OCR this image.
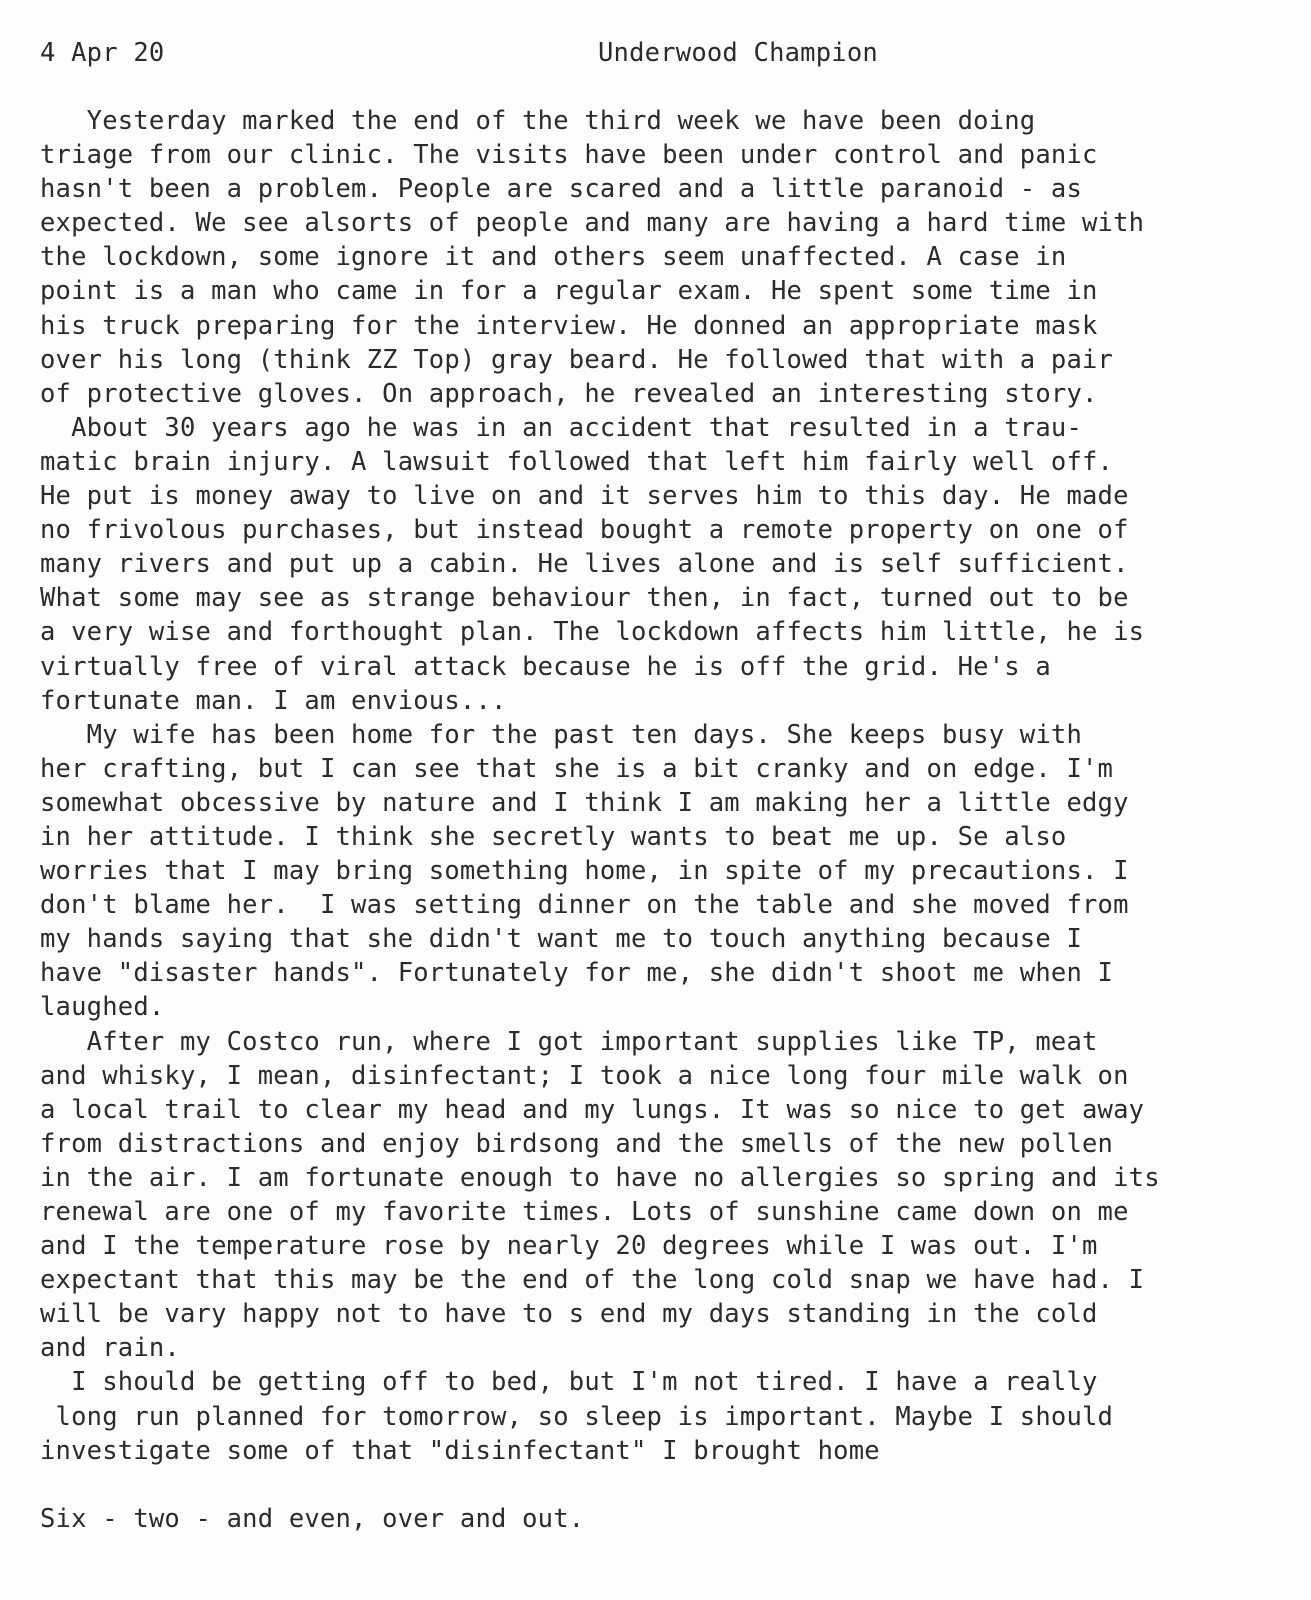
4 Apr 20	Underwood Champion
Yesterday marked the end of the third week we have been doing
triage from our clinic. The visits have been under control and panic
hasn't been a problem. People are scared and a little paranoid - as
expected. We see alsorts of people and many are having a hard time with
the lockdown, some ignore it and others seem unaffected. A case in
point is a man who came in for a regular exam. He spent some time in
his truck preparing for the interview. He donned an appropriate mask
over his long (think ZZ Top) gray beard. He followed that with a pair
of protective gloves. On approach, he revealed an interesting story.
About 30 years ago he was in an accident that resulted in a trau-
matic brain injury. A lawsuit followed that left him fairly well off.
He put is money away to live on and it serves him to this day. He made
no frivolous purchases, but instead bought a remote property on one of
many rivers and put up a cabin. He lives alone and is self sufficient.
What some may see as strange behaviour then, in fact, turned out to be
a very wise and forthought plan. The lockdown affects him little, he is
virtually free of viral attack because he is off the grid. He's a
fortunate man. I am envious...
My wife has been home for the past ten days. She keeps busy with
her crafting, but I can see that she is a bit cranky and on edge. I'm
somewhat obcessive by nature and I think I am making her a little edgy
in her attitude. I think she secretly wants to beat me up. Se also
worries that I may bring something home, in spite of my precautions. I
don't blame her.  I was setting dinner on the table and she moved from
my hands saying that she didn't want me to touch anything because I
have "disaster hands". Fortunately for me, she didn't shoot me when I
laughed.
After my Costco run, where I got important supplies like TP, meat
and whisky, I mean, disinfectant; I took a nice long four mile walk on
a local trail to clear my head and my lungs. It was so nice to get away
from distractions and enjoy birdsong and the smells of the new pollen
in the air. I am fortunate enough to have no allergies so spring and its
renewal are one of my favorite times. Lots of sunshine came down on me
and I the temperature rose by nearly 20 degrees while I was out. I'm
expectant that this may be the end of the long cold snap we have had. I
will be vary happy not to have to s end my days standing in the cold
and rain.
I should be getting off to bed, but I'm not tired. I have a really
long run planned for tomorrow, so sleep is important. Maybe I should
investigate some of that "disinfectant" I brought home
Six - two - and even, over and out.
